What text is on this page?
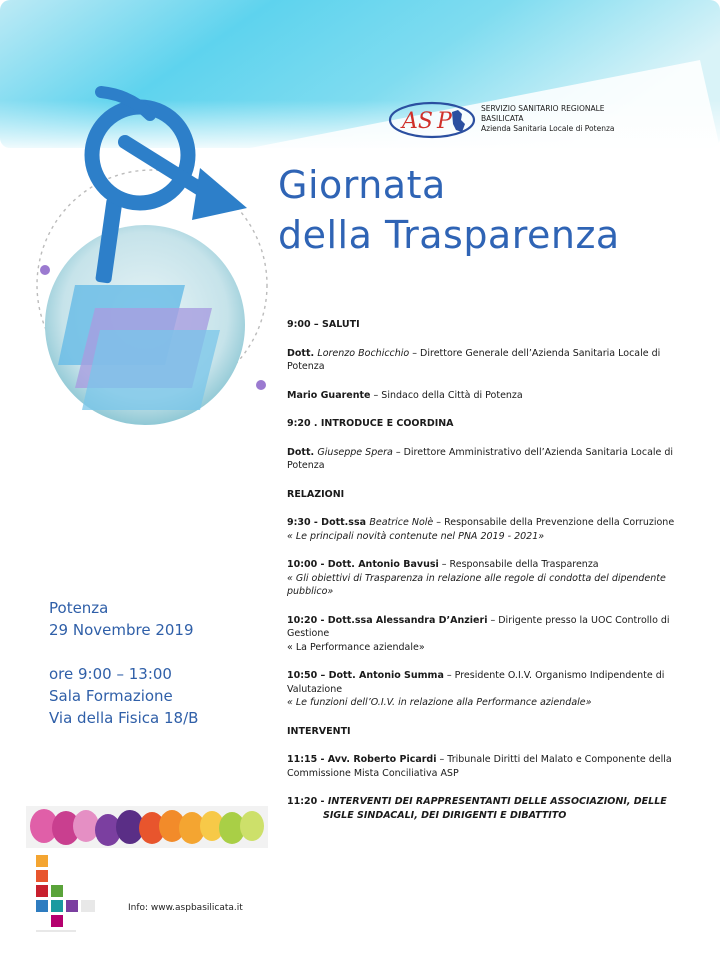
AS P
SERVIZIO SANITARIO REGIONALE
BASILICATA
Azienda Sanitaria Locale di Potenza
Giornata
della Trasparenza

9:00 – SALUTI

Dott. Lorenzo Bochicchio – Direttore Generale dell’Azienda Sanitaria Locale di Potenza

Mario Guarente – Sindaco della Città di Potenza

9:20 . INTRODUCE E COORDINA

Dott. Giuseppe Spera – Direttore Amministrativo dell’Azienda Sanitaria Locale di Potenza

RELAZIONI

9:30 - Dott.ssa Beatrice Nolè – Responsabile della Prevenzione della Corruzione
« Le principali novità contenute nel PNA 2019 - 2021»

10:00 - Dott. Antonio Bavusi – Responsabile della Trasparenza
« Gli obiettivi di Trasparenza in relazione alle regole di condotta del dipendente pubblico»

10:20 - Dott.ssa Alessandra D’Anzieri – Dirigente presso la UOC Controllo di Gestione
« La Performance aziendale»

10:50 – Dott. Antonio Summa – Presidente O.I.V. Organismo Indipendente di Valutazione
« Le funzioni dell’O.I.V. in relazione alla Performance aziendale»

INTERVENTI

11:15 - Avv. Roberto Picardi – Tribunale Diritti del Malato e Componente della Commissione Mista Conciliativa ASP

11:20 - INTERVENTI DEI RAPPRESENTANTI DELLE ASSOCIAZIONI, DELLE
SIGLE SINDACALI, DEI DIRIGENTI E DIBATTITO

Potenza
29 Novembre 2019
ore 9:00 – 13:00
Sala Formazione
Via della Fisica 18/B
Info: www.aspbasilicata.it
